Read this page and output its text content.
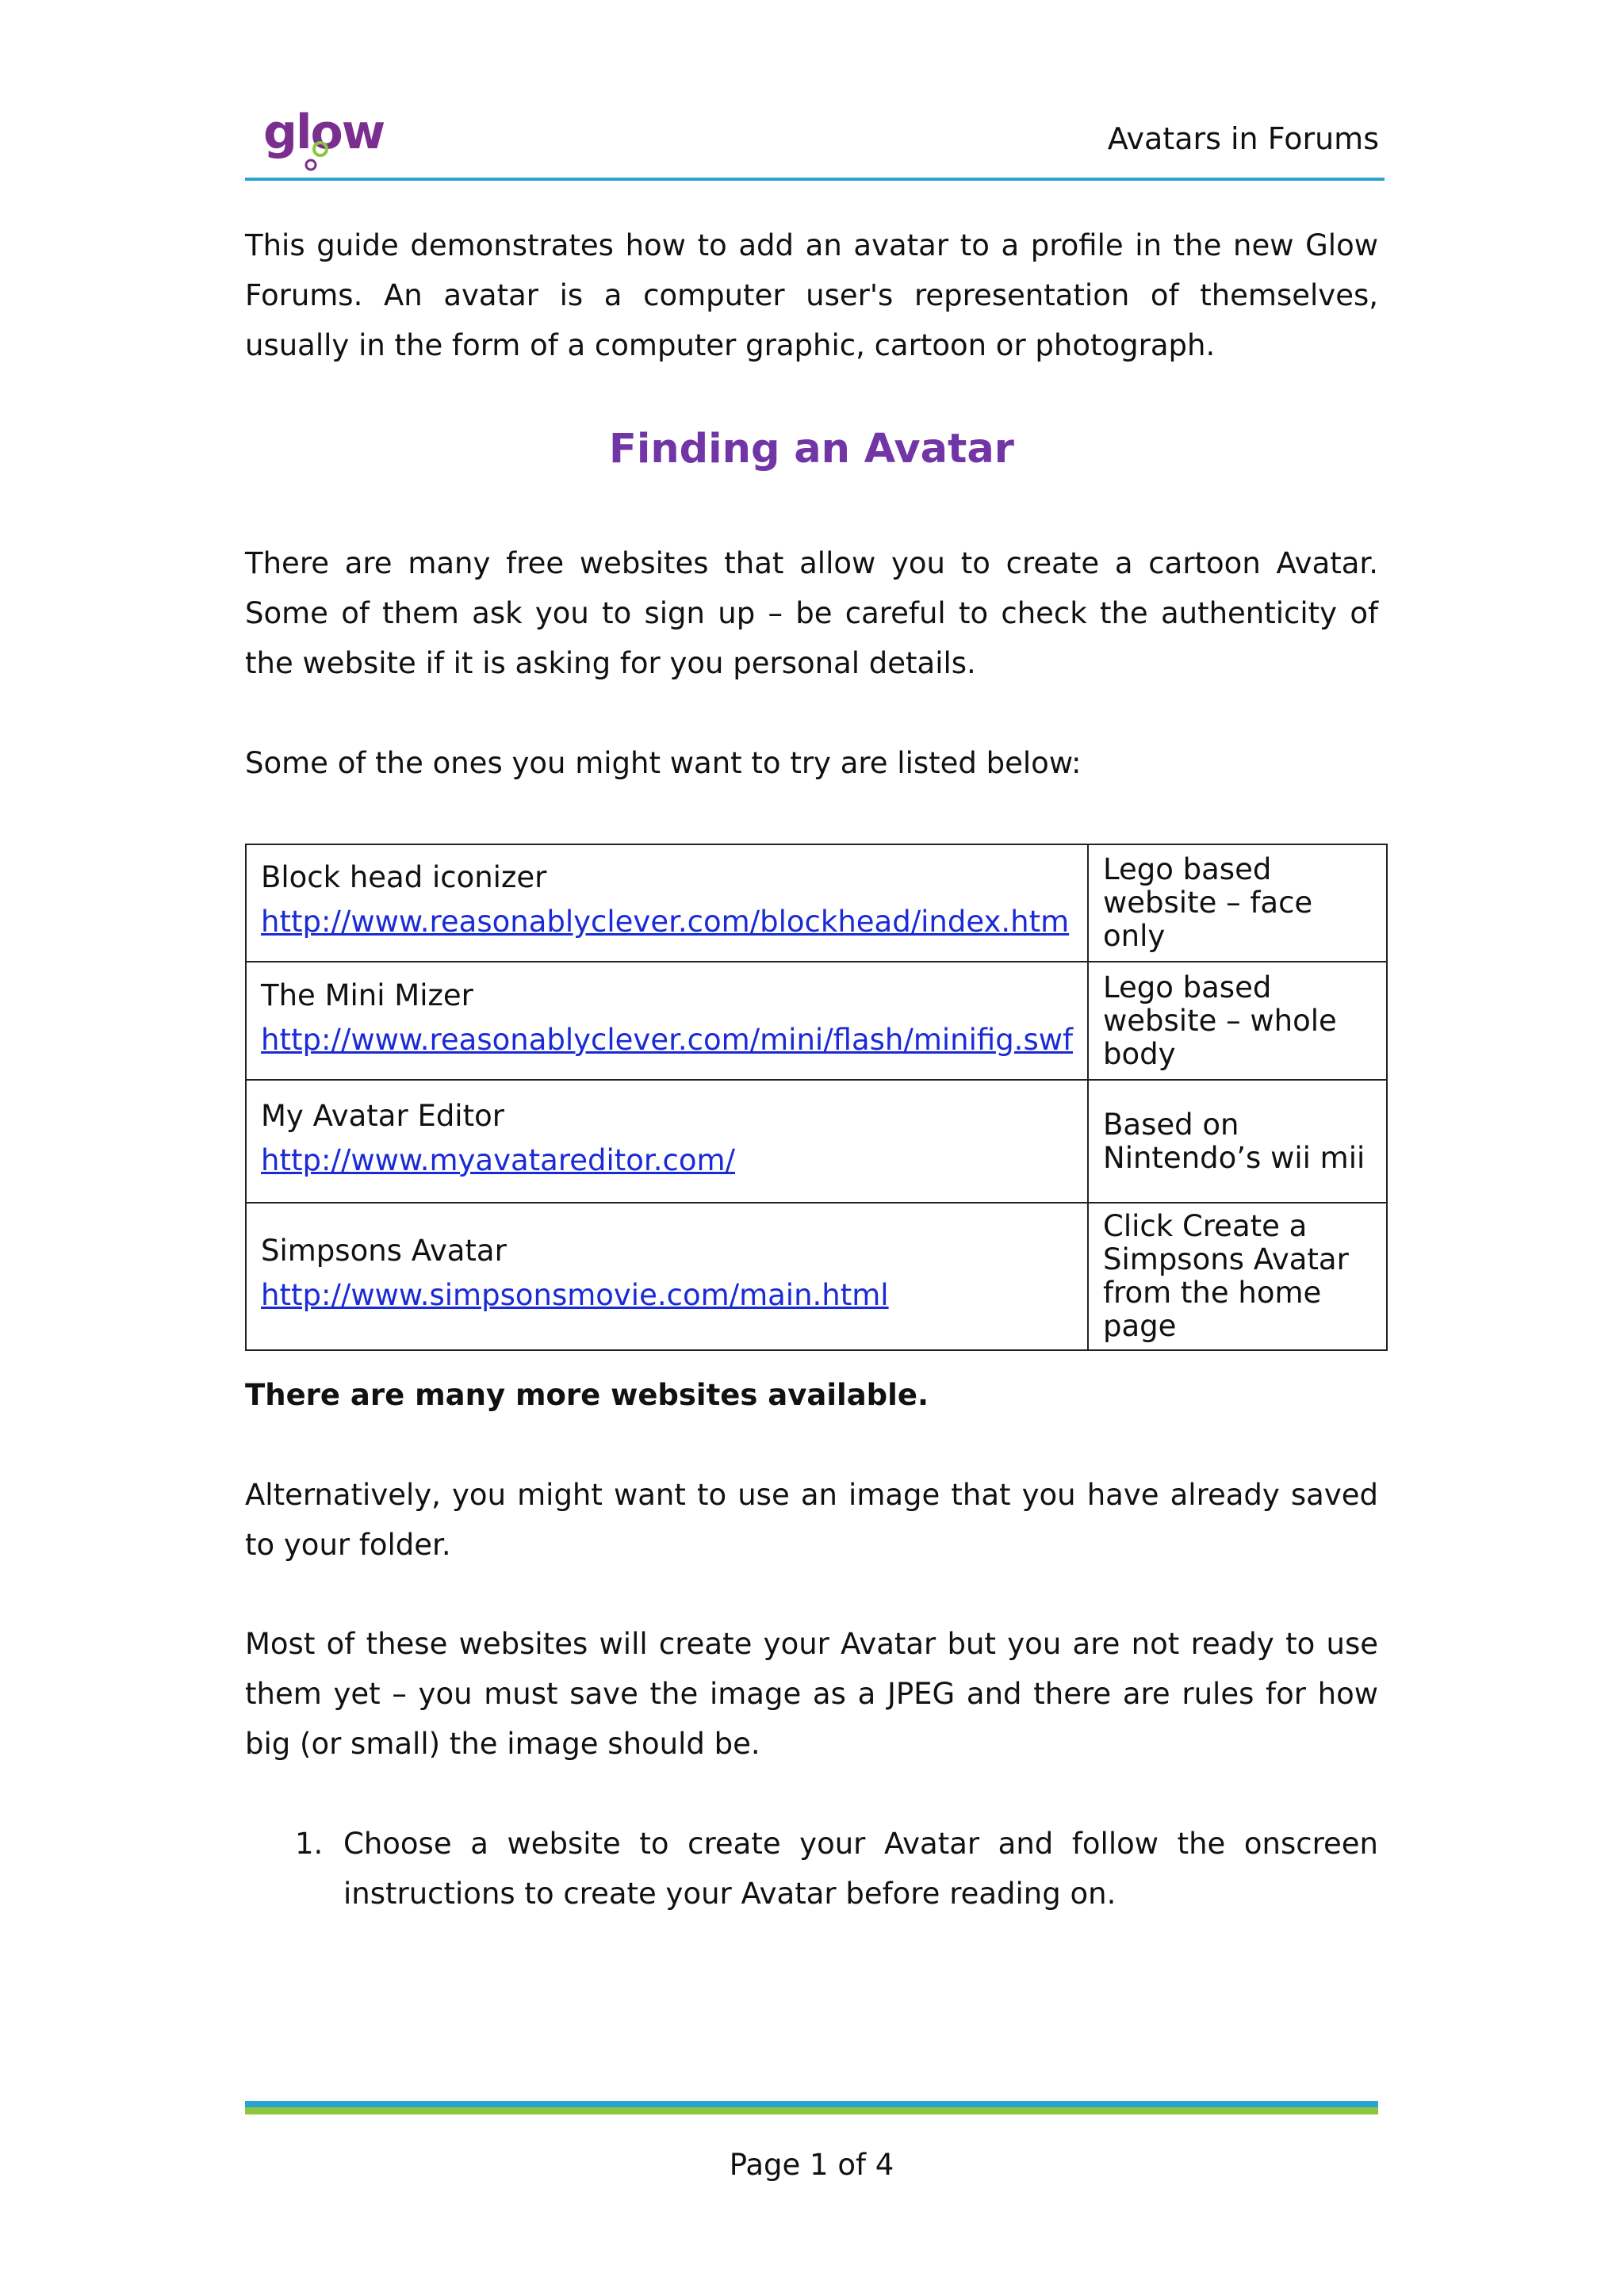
glow	Avatars in Forums
This guide demonstrates how to add an avatar to a profile in the new Glow Forums. An avatar is a computer user's representation of themselves, usually in the form of a computer graphic, cartoon or photograph.
Finding an Avatar
There are many free websites that allow you to create a cartoon Avatar. Some of them ask you to sign up – be careful to check the authenticity of the website if it is asking for you personal details.
Some of the ones you might want to try are listed below:
Block head iconizer
http://www.reasonablyclever.com/blockhead/index.htm	Lego based website – face only

The Mini Mizer
http://www.reasonablyclever.com/mini/flash/minifig.swf	Lego based website – whole body

My Avatar Editor
http://www.myavatareditor.com/	Based on Nintendo’s wii mii

Simpsons Avatar
http://www.simpsonsmovie.com/main.html	Click Create a Simpsons Avatar from the home page
There are many more websites available.
Alternatively, you might want to use an image that you have already saved to your folder.
Most of these websites will create your Avatar but you are not ready to use them yet – you must save the image as a JPEG and there are rules for how big (or small) the image should be.
1. Choose a website to create your Avatar and follow the onscreen instructions to create your Avatar before reading on.
Page 1 of 4
